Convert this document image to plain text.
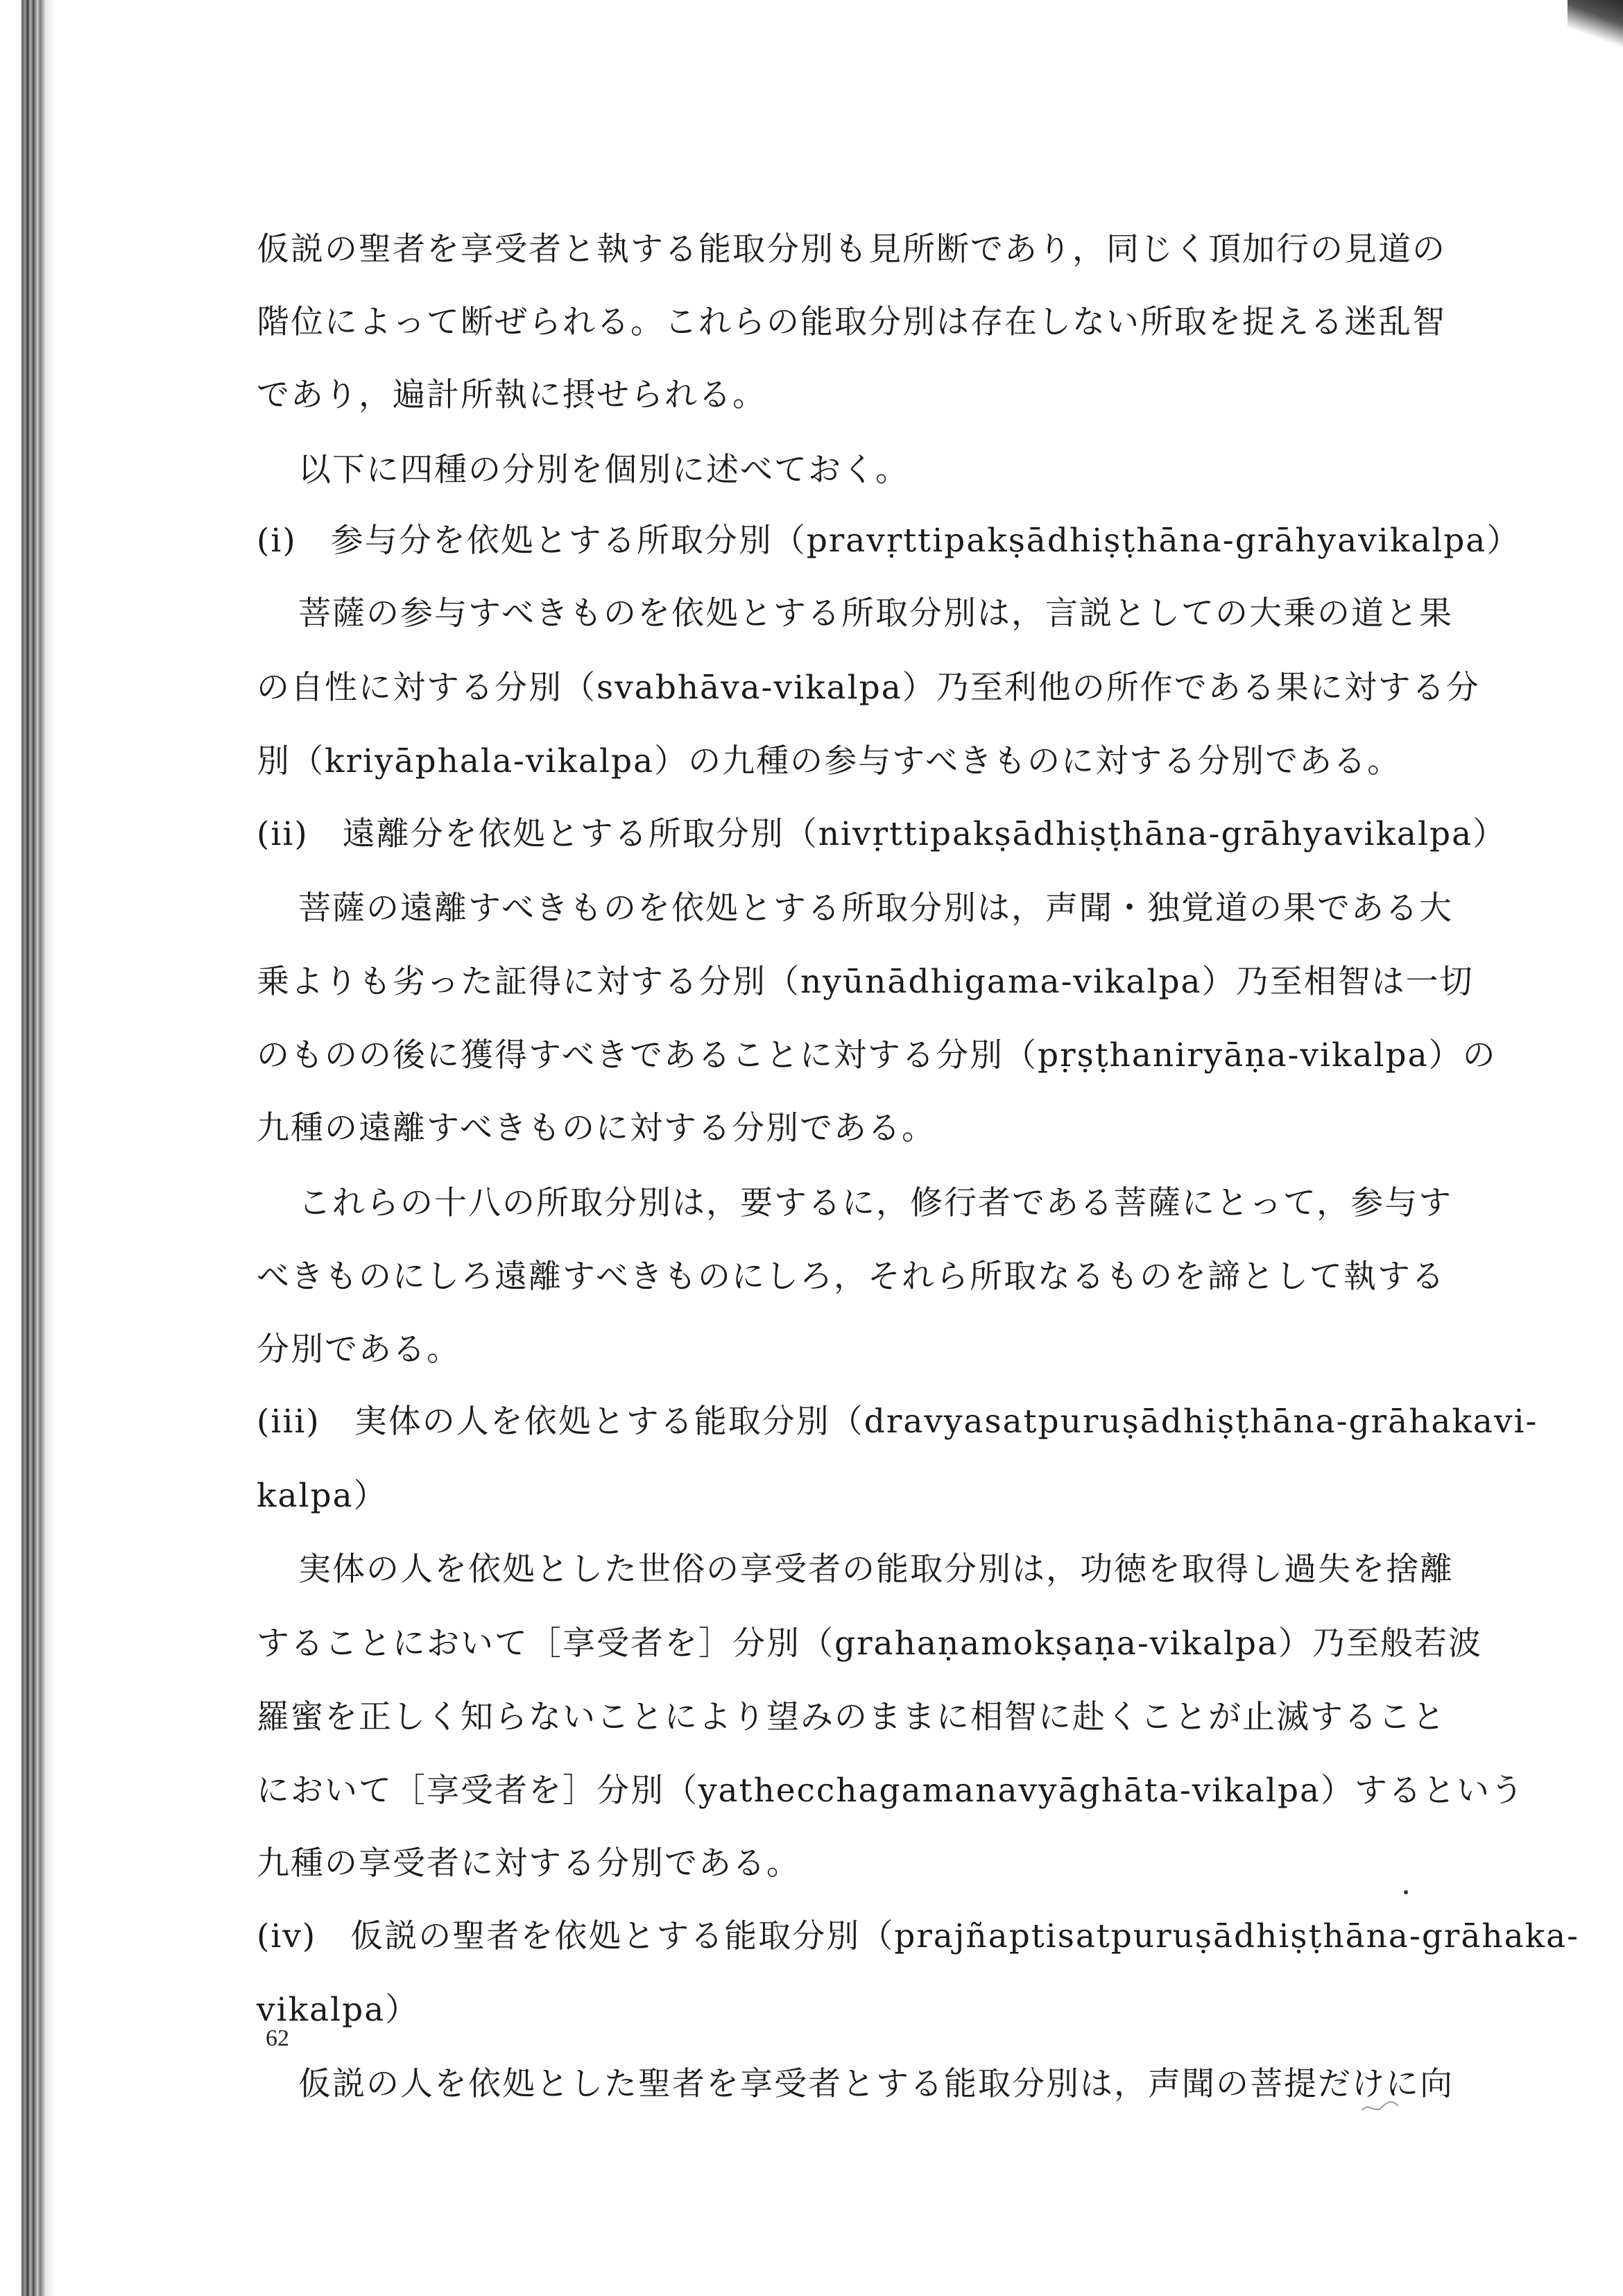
仮説の聖者を享受者と執する能取分別も見所断であり，同じく頂加行の見道の
階位によって断ぜられる。これらの能取分別は存在しない所取を捉える迷乱智
であり，遍計所執に摂せられる。
以下に四種の分別を個別に述べておく。
(i)　参与分を依処とする所取分別（pravṛttipakṣādhiṣṭhāna-grāhyavikalpa）
菩薩の参与すべきものを依処とする所取分別は，言説としての大乗の道と果
の自性に対する分別（svabhāva-vikalpa）乃至利他の所作である果に対する分
別（kriyāphala-vikalpa）の九種の参与すべきものに対する分別である。
(ii)　遠離分を依処とする所取分別（nivṛttipakṣādhiṣṭhāna-grāhyavikalpa）
菩薩の遠離すべきものを依処とする所取分別は，声聞・独覚道の果である大
乗よりも劣った証得に対する分別（nyūnādhigama-vikalpa）乃至相智は一切
のものの後に獲得すべきであることに対する分別（pṛṣṭhaniryāṇa-vikalpa）の
九種の遠離すべきものに対する分別である。
これらの十八の所取分別は，要するに，修行者である菩薩にとって，参与す
べきものにしろ遠離すべきものにしろ，それら所取なるものを諦として執する
分別である。
(iii)　実体の人を依処とする能取分別（dravyasatpuruṣādhiṣṭhāna-grāhakavi-
kalpa）
実体の人を依処とした世俗の享受者の能取分別は，功徳を取得し過失を捨離
することにおいて［享受者を］分別（grahaṇamokṣaṇa-vikalpa）乃至般若波
羅蜜を正しく知らないことにより望みのままに相智に赴くことが止滅すること
において［享受者を］分別（yathecchagamanavyāghāta-vikalpa）するという
九種の享受者に対する分別である。
(iv)　仮説の聖者を依処とする能取分別（prajñaptisatpuruṣādhiṣṭhāna-grāhaka-
vikalpa）
仮説の人を依処とした聖者を享受者とする能取分別は，声聞の菩提だけに向
62
